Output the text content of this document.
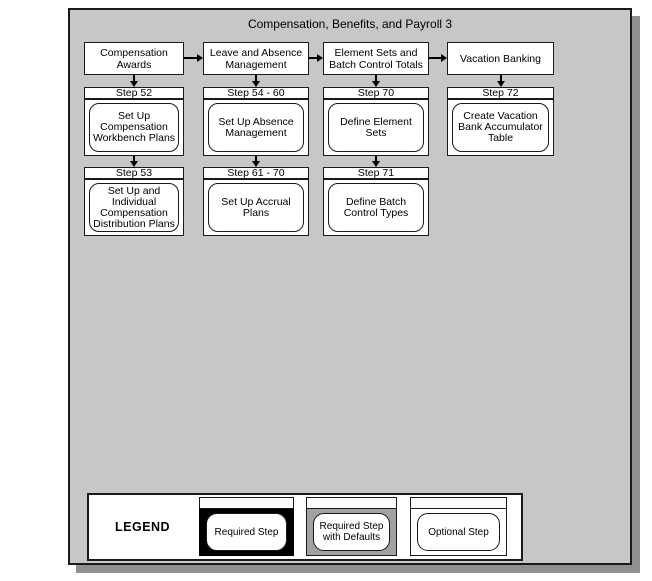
Compensation, Benefits, and Payroll 3
Compensation Awards
Leave and Absence Management
Element Sets and Batch Control Totals	Vacation Banking
Step 52
Set Up Compensation Workbench Plans
Step 54 - 60
Set Up Absence Management
Step 70
Define Element Sets
Step 72
Create Vacation Bank Accumulator Table
Step 53
Set Up and Individual Compensation Distribution Plans
Step 61 - 70
Set Up Accrual Plans
Step 71
Define Batch Control Types
LEGEND	Required Step	Required Step with Defaults	Optional Step
